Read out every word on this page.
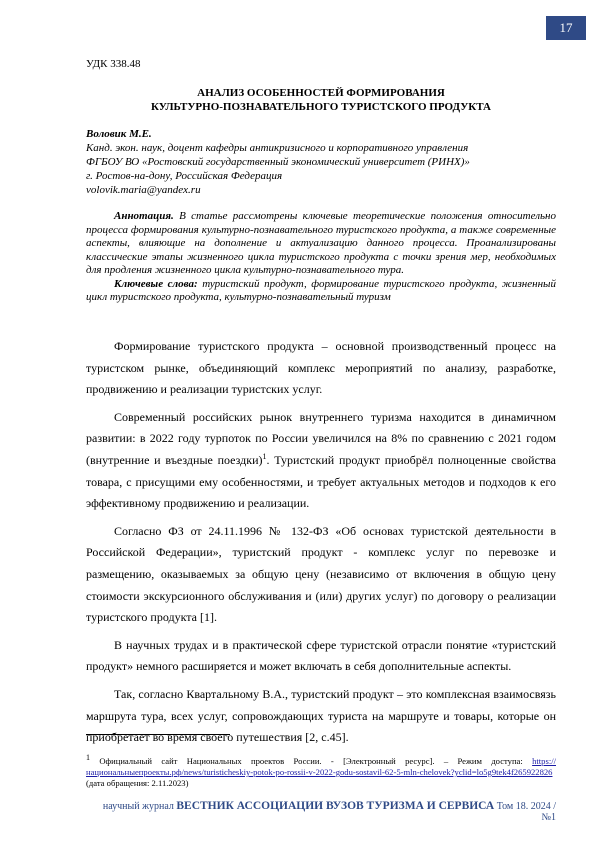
17
УДК 338.48
АНАЛИЗ ОСОБЕННОСТЕЙ ФОРМИРОВАНИЯ
КУЛЬТУРНО-ПОЗНАВАТЕЛЬНОГО ТУРИСТСКОГО ПРОДУКТА
Воловик М.Е.
Канд. экон. наук, доцент кафедры антикризисного и корпоративного управления
ФГБОУ ВО «Ростовский государственный экономический университет (РИНХ)»
г. Ростов-на-дону, Российская Федерация
volovik.maria@yandex.ru

Аннотация. В статье рассмотрены ключевые теоретические положения относительно процесса формирования культурно-познавательного туристского продукта, а также современные аспекты, влияющие на дополнение и актуализацию данного процесса. Проанализированы классические этапы жизненного цикла туристского продукта с точки зрения мер, необходимых для продления жизненного цикла культурно-познавательного тура.

Ключевые слова: туристский продукт, формирование туристского продукта, жизненный цикл туристского продукта, культурно-познавательный туризм

Формирование туристского продукта – основной производственный процесс на туристском рынке, объединяющий комплекс мероприятий по анализу, разработке, продвижению и реализации туристских услуг.

Современный российских рынок внутреннего туризма находится в динамичном развитии: в 2022 году турпоток по России увеличился на 8% по сравнению с 2021 годом (внутренние и въездные поездки)$^1$. Туристский продукт приобрёл полноценные свойства товара, с присущими ему особенностями, и требует актуальных методов и подходов к его эффективному продвижению и реализации.

Согласно ФЗ от 24.11.1996 № 132-ФЗ «Об основах туристской деятельности в Российской Федерации», туристский продукт - комплекс услуг по перевозке и размещению, оказываемых за общую цену (независимо от включения в общую цену стоимости экскурсионного обслуживания и (или) других услуг) по договору о реализации туристского продукта [1].

В научных трудах и в практической сфере туристской отрасли понятие «туристский продукт» немного расширяется и может включать в себя дополнительные аспекты.

Так, согласно Квартальному В.А., туристский продукт – это комплексная взаимосвязь маршрута тура, всех услуг, сопровождающих туриста на маршруте и товары, которые он приобретает во время своего путешествия [2, с.45].

1 Официальный сайт Национальных проектов России. - [Электронный ресурс]. – Режим доступа: https://национальныепроекты.рф/news/turisticheskiy-potok-po-rossii-v-2022-godu-sostavil-62-5-mln-chelovek?yclid=lo5g9tek4f265922826 (дата обращения: 2.11.2023)

научный журнал ВЕСТНИК АССОЦИАЦИИ ВУЗОВ ТУРИЗМА И СЕРВИСА Том 18. 2024 / №1
